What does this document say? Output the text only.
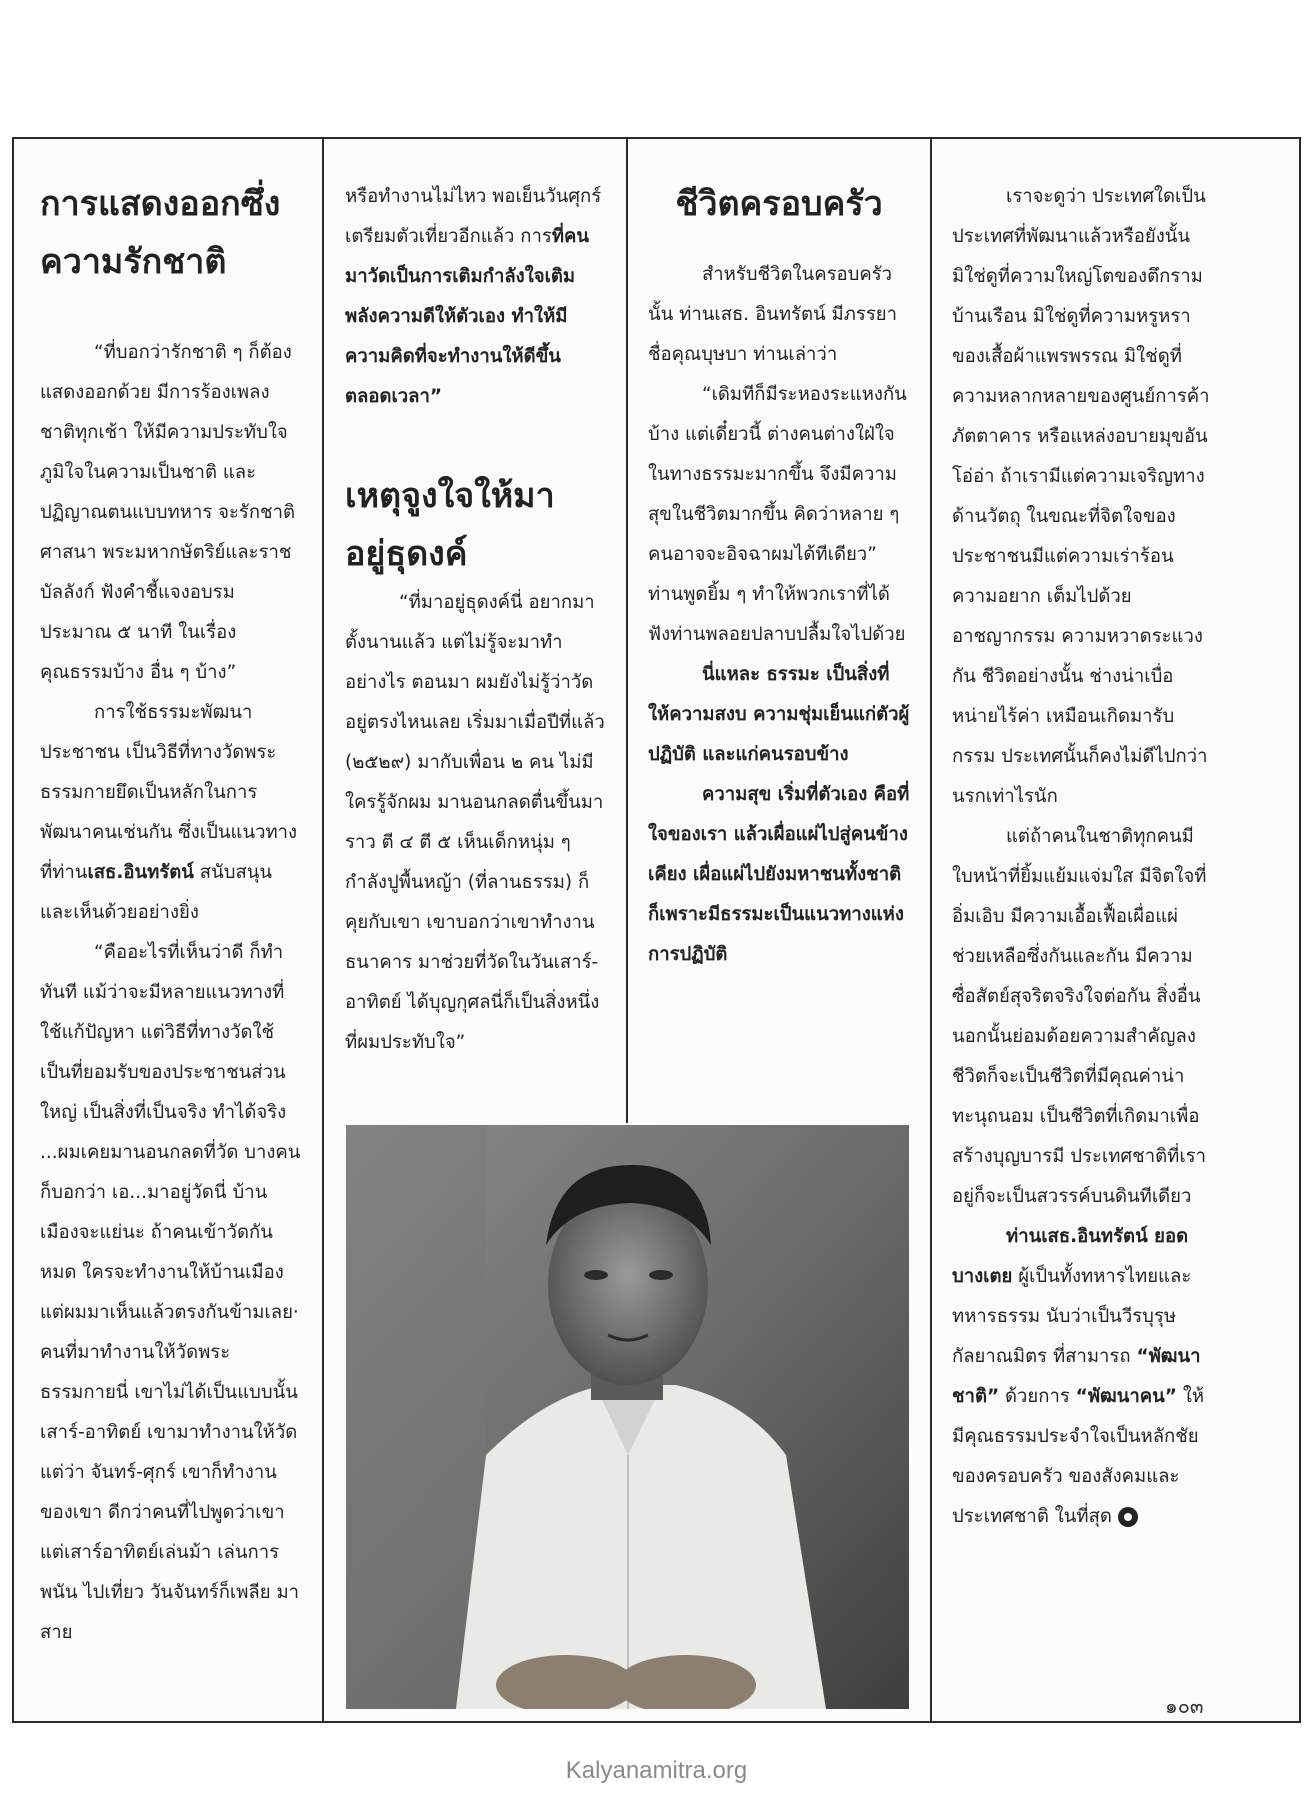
การแสดงออกซึ่ง
ความรักชาติ

“ที่บอกว่ารักชาติ ๆ ก็ต้องแสดงออกด้วย มีการร้องเพลงชาติทุกเช้า ให้มีความประทับใจ ภูมิใจในความเป็นชาติ และปฏิญาณตนแบบทหาร จะรักชาติ ศาสนา พระมหากษัตริย์และราชบัลลังก์ ฟังคำชี้แจงอบรมประมาณ ๕ นาที ในเรื่องคุณธรรมบ้าง อื่น ๆ บ้าง”

การใช้ธรรมะพัฒนาประชาชน เป็นวิธีที่ทางวัดพระธรรมกายยึดเป็นหลักในการพัฒนาคนเช่นกัน ซึ่งเป็นแนวทางที่ท่านเสธ.อินทรัตน์ สนับสนุนและเห็นด้วยอย่างยิ่ง

“คืออะไรที่เห็นว่าดี ก็ทำทันที แม้ว่าจะมีหลายแนวทางที่ใช้แก้ปัญหา แต่วิธีที่ทางวัดใช้เป็นที่ยอมรับของประชาชนส่วนใหญ่ เป็นสิ่งที่เป็นจริง ทำได้จริง ...ผมเคยมานอนกลดที่วัด บางคนก็บอกว่า เอ...มาอยู่วัดนี่ บ้านเมืองจะแย่นะ ถ้าคนเข้าวัดกันหมด ใครจะทำงานให้บ้านเมือง แต่ผมมาเห็นแล้วตรงกันข้ามเลย· คนที่มาทำงานให้วัดพระธรรมกายนี่ เขาไม่ได้เป็นแบบนั้น เสาร์-อาทิตย์ เขามาทำงานให้วัด แต่ว่า จันทร์-ศุกร์ เขาก็ทำงานของเขา ดีกว่าคนที่ไปพูดว่าเขา แต่เสาร์อาทิตย์เล่นม้า เล่นการพนัน ไปเที่ยว วันจันทร์ก็เพลีย มาสาย

หรือทำงานไม่ไหว พอเย็นวันศุกร์เตรียมตัวเที่ยวอีกแล้ว การที่คนมาวัดเป็นการเติมกำลังใจเติมพลังความดีให้ตัวเอง ทำให้มีความคิดที่จะทำงานให้ดีขึ้นตลอดเวลา”

เหตุจูงใจให้มา
อยู่ธุดงค์

“ที่มาอยู่ธุดงค์นี่ อยากมาตั้งนานแล้ว แต่ไม่รู้จะมาทำอย่างไร ตอนมา ผมยังไม่รู้ว่าวัดอยู่ตรงไหนเลย เริ่มมาเมื่อปีที่แล้ว (๒๕๒๙) มากับเพื่อน ๒ คน ไม่มีใครรู้จักผม มานอนกลดตื่นขึ้นมาราว ตี ๔ ตี ๕ เห็นเด็กหนุ่ม ๆ กำลังปูพื้นหญ้า (ที่ลานธรรม) ก็คุยกับเขา เขาบอกว่าเขาทำงานธนาคาร มาช่วยที่วัดในวันเสาร์-อาทิตย์ ได้บุญกุศลนี่ก็เป็นสิ่งหนึ่งที่ผมประทับใจ”

ชีวิตครอบครัว

สำหรับชีวิตในครอบครัวนั้น ท่านเสธ. อินทรัตน์ มีภรรยาชื่อคุณบุษบา ท่านเล่าว่า

“เดิมทีก็มีระหองระแหงกันบ้าง แต่เดี๋ยวนี้ ต่างคนต่างใฝ่ใจในทางธรรมะมากขึ้น จึงมีความสุขในชีวิตมากขึ้น คิดว่าหลาย ๆ คนอาจจะอิจฉาผมได้ทีเดียว” ท่านพูดยิ้ม ๆ ทำให้พวกเราที่ได้ฟังท่านพลอยปลาบปลื้มใจไปด้วย

นี่แหละ ธรรมะ เป็นสิ่งที่ให้ความสงบ ความชุ่มเย็นแก่ตัวผู้ปฏิบัติ และแก่คนรอบข้าง

ความสุข เริ่มที่ตัวเอง คือที่ใจของเรา แล้วเผื่อแผ่ไปสู่คนข้างเคียง เผื่อแผ่ไปยังมหาชนทั้งชาติ ก็เพราะมีธรรมะเป็นแนวทางแห่งการปฏิบัติ

เราจะดูว่า ประเทศใดเป็นประเทศที่พัฒนาแล้วหรือยังนั้น มิใช่ดูที่ความใหญ่โตของตึกรามบ้านเรือน มิใช่ดูที่ความหรูหราของเสื้อผ้าแพรพรรณ มิใช่ดูที่ความหลากหลายของศูนย์การค้า ภัตตาคาร หรือแหล่งอบายมุขอันโอ่อ่า ถ้าเรามีแต่ความเจริญทางด้านวัตถุ ในขณะที่จิตใจของประชาชนมีแต่ความเร่าร้อน ความอยาก เต็มไปด้วยอาชญากรรม ความหวาดระแวงกัน ชีวิตอย่างนั้น ช่างน่าเบื่อหน่ายไร้ค่า เหมือนเกิดมารับกรรม ประเทศนั้นก็คงไม่ดีไปกว่านรกเท่าไรนัก

แต่ถ้าคนในชาติทุกคนมีใบหน้าที่ยิ้มแย้มแจ่มใส มีจิตใจที่อิ่มเอิบ มีความเอื้อเฟื้อเผื่อแผ่ ช่วยเหลือซึ่งกันและกัน มีความซื่อสัตย์สุจริตจริงใจต่อกัน สิ่งอื่นนอกนั้นย่อมด้อยความสำคัญลง ชีวิตก็จะเป็นชีวิตที่มีคุณค่าน่าทะนุถนอม เป็นชีวิตที่เกิดมาเพื่อสร้างบุญบารมี ประเทศชาติที่เราอยู่ก็จะเป็นสวรรค์บนดินทีเดียว

ท่านเสธ.อินทรัตน์ ยอดบางเตย ผู้เป็นทั้งทหารไทยและทหารธรรม นับว่าเป็นวีรบุรุษกัลยาณมิตร ที่สามารถ “พัฒนาชาติ” ด้วยการ “พัฒนาคน” ให้มีคุณธรรมประจำใจเป็นหลักชัยของครอบครัว ของสังคมและประเทศชาติ ในที่สุด

๑๐๓
Kalyanamitra.org
